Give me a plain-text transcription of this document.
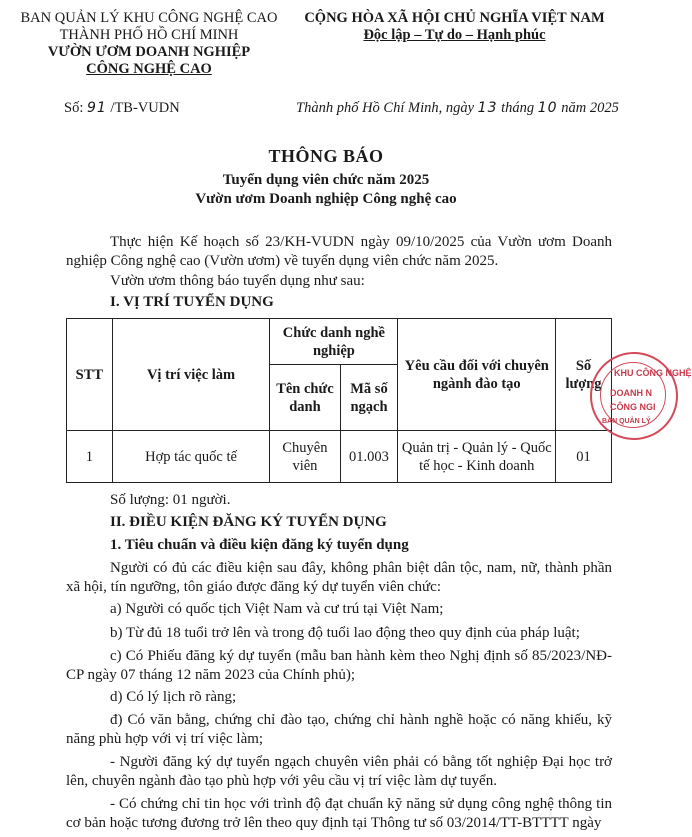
BAN QUẢN LÝ KHU CÔNG NGHỆ CAO
THÀNH PHỐ HỒ CHÍ MINH
VƯỜN ƯƠM DOANH NGHIỆP
CÔNG NGHỆ CAO
CỘNG HÒA XÃ HỘI CHỦ NGHĨA VIỆT NAM
Độc lập – Tự do – Hạnh phúc
Số: 91 /TB-VUDN	Thành phố Hồ Chí Minh, ngày 13 tháng 10 năm 2025
THÔNG BÁO
Tuyển dụng viên chức năm 2025
Vườn ươm Doanh nghiệp Công nghệ cao
Thực hiện Kế hoạch số 23/KH-VUDN ngày 09/10/2025 của Vườn ươm Doanh nghiệp Công nghệ cao (Vườn ươm) về tuyển dụng viên chức năm 2025.
Vườn ươm thông báo tuyển dụng như sau:
I. VỊ TRÍ TUYỂN DỤNG
STT	Vị trí việc làm	Chức danh nghề nghiệp		Yêu cầu đối với chuyên ngành đào tạo	Số lượng
		Tên chức danh	Mã số ngạch		
1	Hợp tác quốc tế	Chuyên viên	01.003	Quản trị - Quản lý - Quốc tế học - Kinh doanh	01
KHU CÔNG NGHỆ
DOANH N
CÔNG NGI
BAN QUẢN LÝ
Số lượng: 01 người.
II. ĐIỀU KIỆN ĐĂNG KÝ TUYỂN DỤNG
1. Tiêu chuẩn và điều kiện đăng ký tuyển dụng
Người có đủ các điều kiện sau đây, không phân biệt dân tộc, nam, nữ, thành phần xã hội, tín ngưỡng, tôn giáo được đăng ký dự tuyển viên chức:
a) Người có quốc tịch Việt Nam và cư trú tại Việt Nam;
b) Từ đủ 18 tuổi trở lên và trong độ tuổi lao động theo quy định của pháp luật;
c) Có Phiếu đăng ký dự tuyển (mẫu ban hành kèm theo Nghị định số 85/2023/NĐ-CP ngày 07 tháng 12 năm 2023 của Chính phủ);
d) Có lý lịch rõ ràng;
đ) Có văn bằng, chứng chỉ đào tạo, chứng chỉ hành nghề hoặc có năng khiếu, kỹ năng phù hợp với vị trí việc làm;
- Người đăng ký dự tuyển ngạch chuyên viên phải có bằng tốt nghiệp Đại học trở lên, chuyên ngành đào tạo phù hợp với yêu cầu vị trí việc làm dự tuyển.
- Có chứng chỉ tin học với trình độ đạt chuẩn kỹ năng sử dụng công nghệ thông tin cơ bản hoặc tương đương trở lên theo quy định tại Thông tư số 03/2014/TT-BTTTT ngày
